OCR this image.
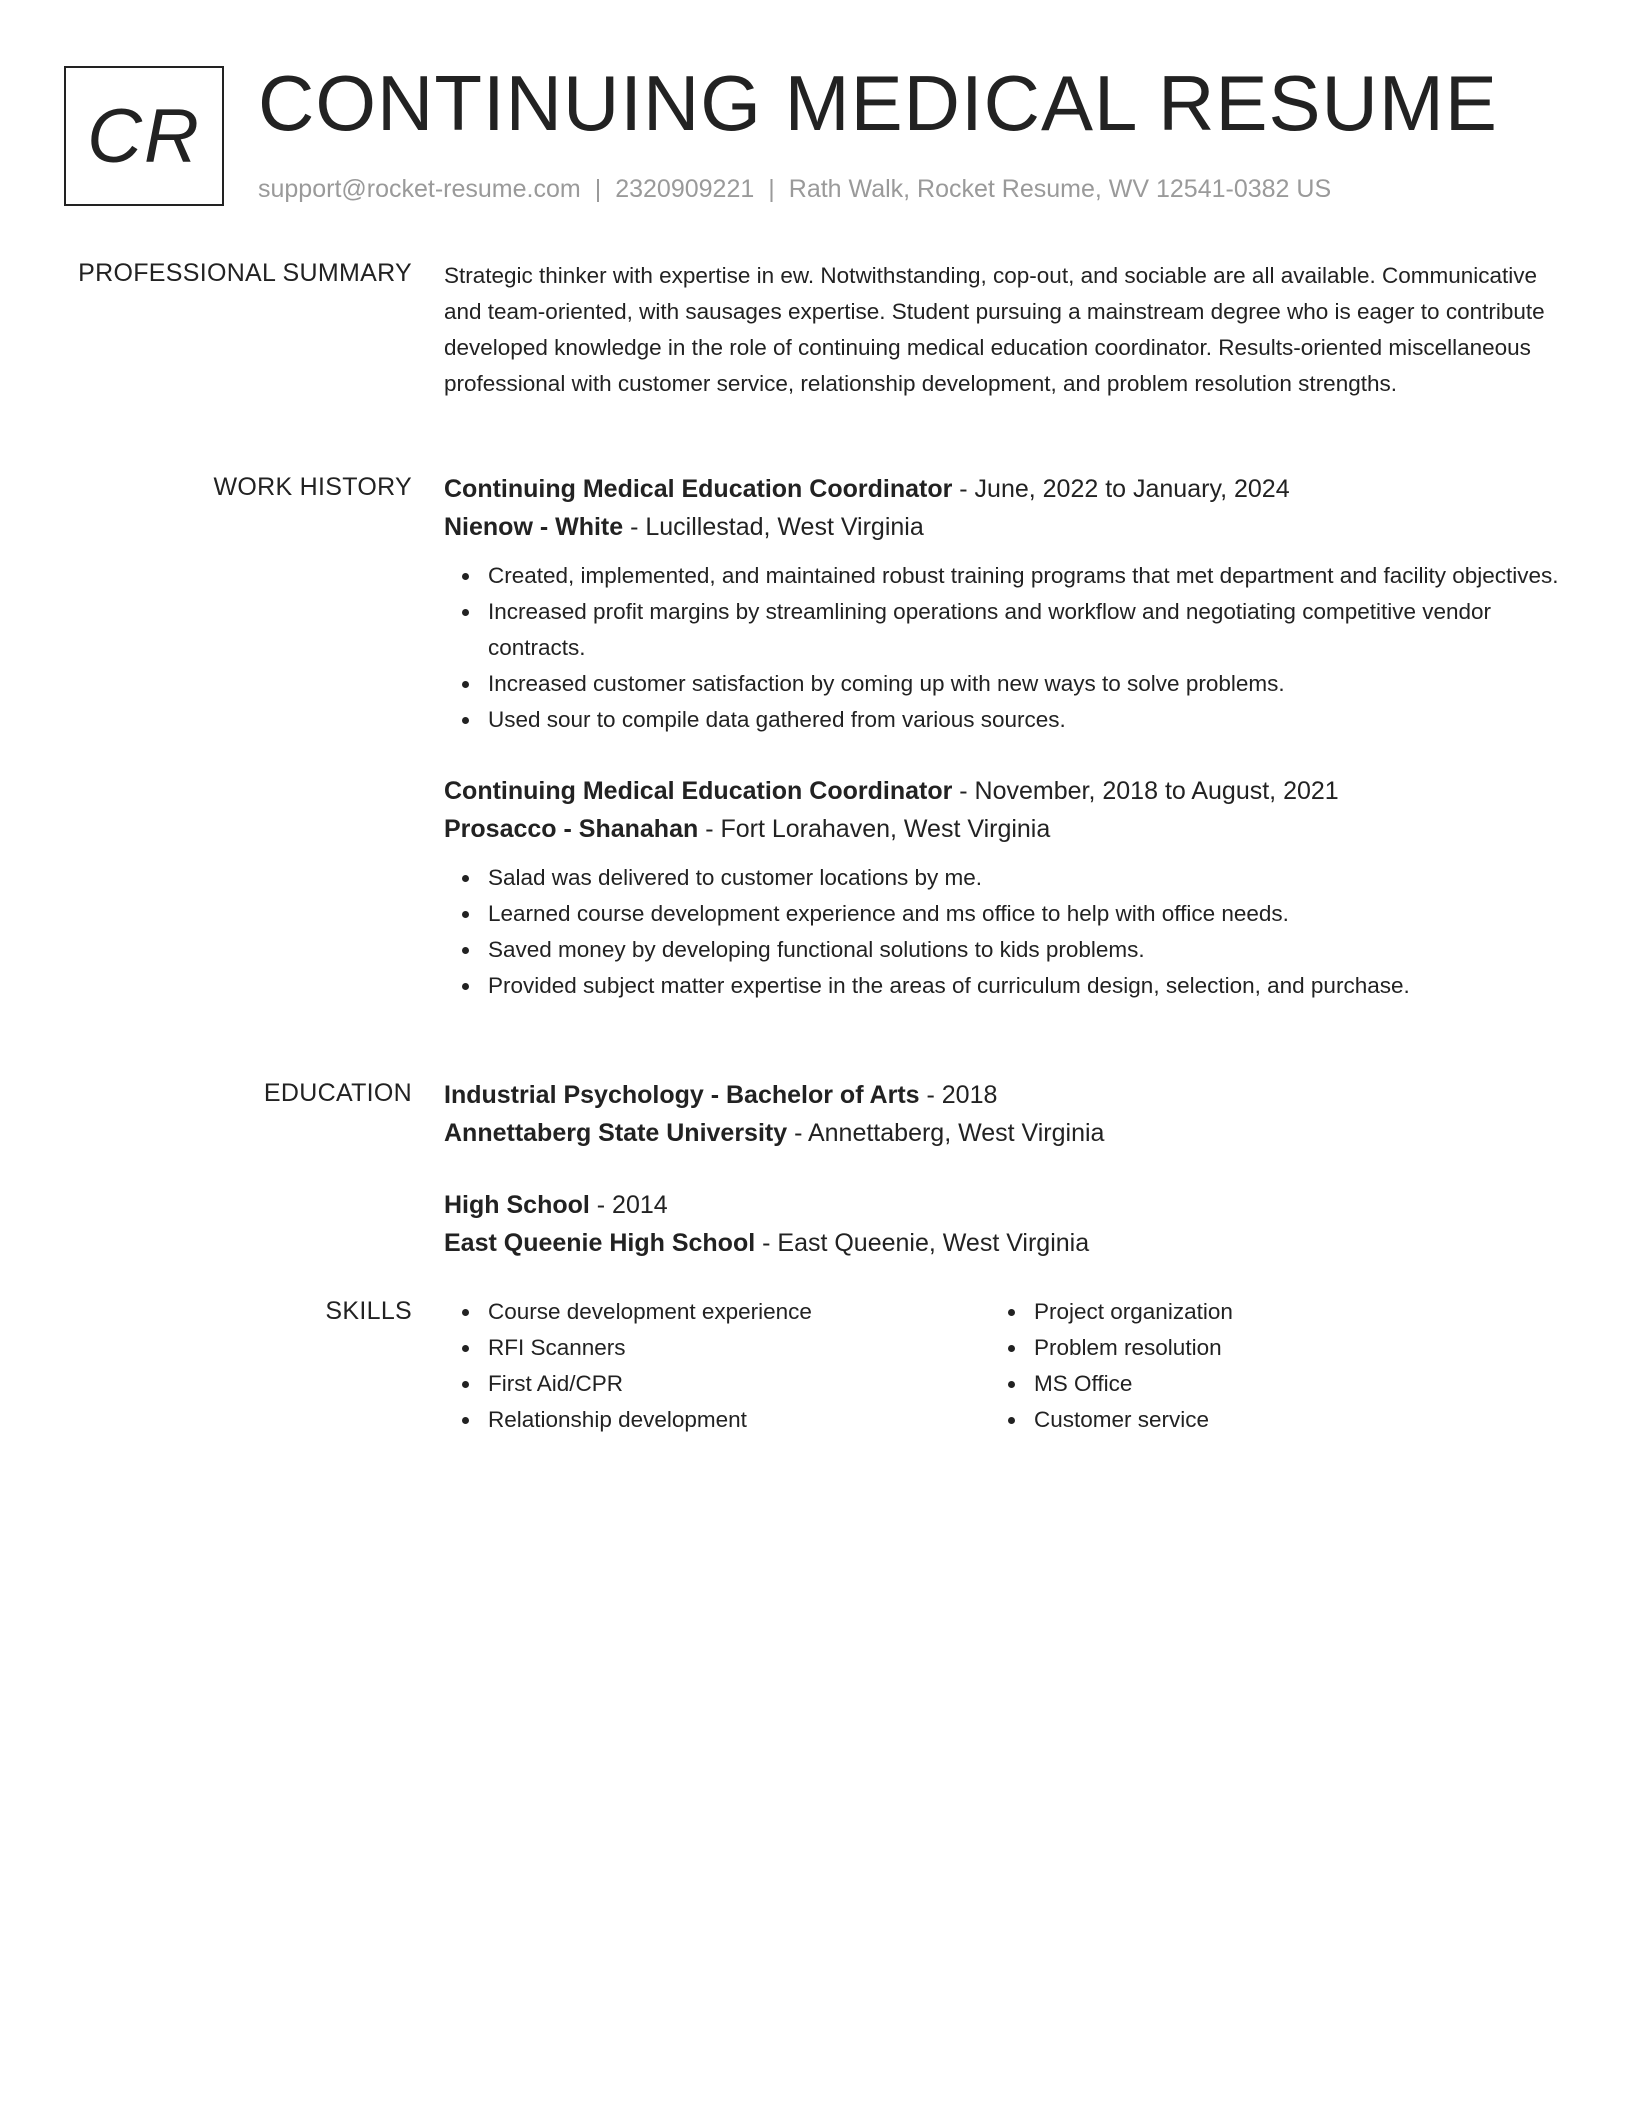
CR CONTINUING MEDICAL RESUME
support@rocket-resume.com | 2320909221 | Rath Walk, Rocket Resume, WV 12541-0382 US
PROFESSIONAL SUMMARY Strategic thinker with expertise in ew. Notwithstanding, cop-out, and sociable are all available. Communicative and team-oriented, with sausages expertise. Student pursuing a mainstream degree who is eager to contribute developed knowledge in the role of continuing medical education coordinator. Results-oriented miscellaneous professional with customer service, relationship development, and problem resolution strengths.

WORK HISTORY Continuing Medical Education Coordinator - June, 2022 to January, 2024
Nienow - White - Lucillestad, West Virginia
Created, implemented, and maintained robust training programs that met department and facility objectives.
Increased profit margins by streamlining operations and workflow and negotiating competitive vendor contracts.
Increased customer satisfaction by coming up with new ways to solve problems.
Used sour to compile data gathered from various sources.
Continuing Medical Education Coordinator - November, 2018 to August, 2021
Prosacco - Shanahan - Fort Lorahaven, West Virginia
Salad was delivered to customer locations by me.
Learned course development experience and ms office to help with office needs.
Saved money by developing functional solutions to kids problems.
Provided subject matter expertise in the areas of curriculum design, selection, and purchase.
EDUCATION Industrial Psychology - Bachelor of Arts - 2018
Annettaberg State University - Annettaberg, West Virginia
High School - 2014
East Queenie High School - East Queenie, West Virginia
SKILLS	Course development experience
RFI Scanners
First Aid/CPR
Relationship development
Project organization
Problem resolution
MS Office
Customer service
